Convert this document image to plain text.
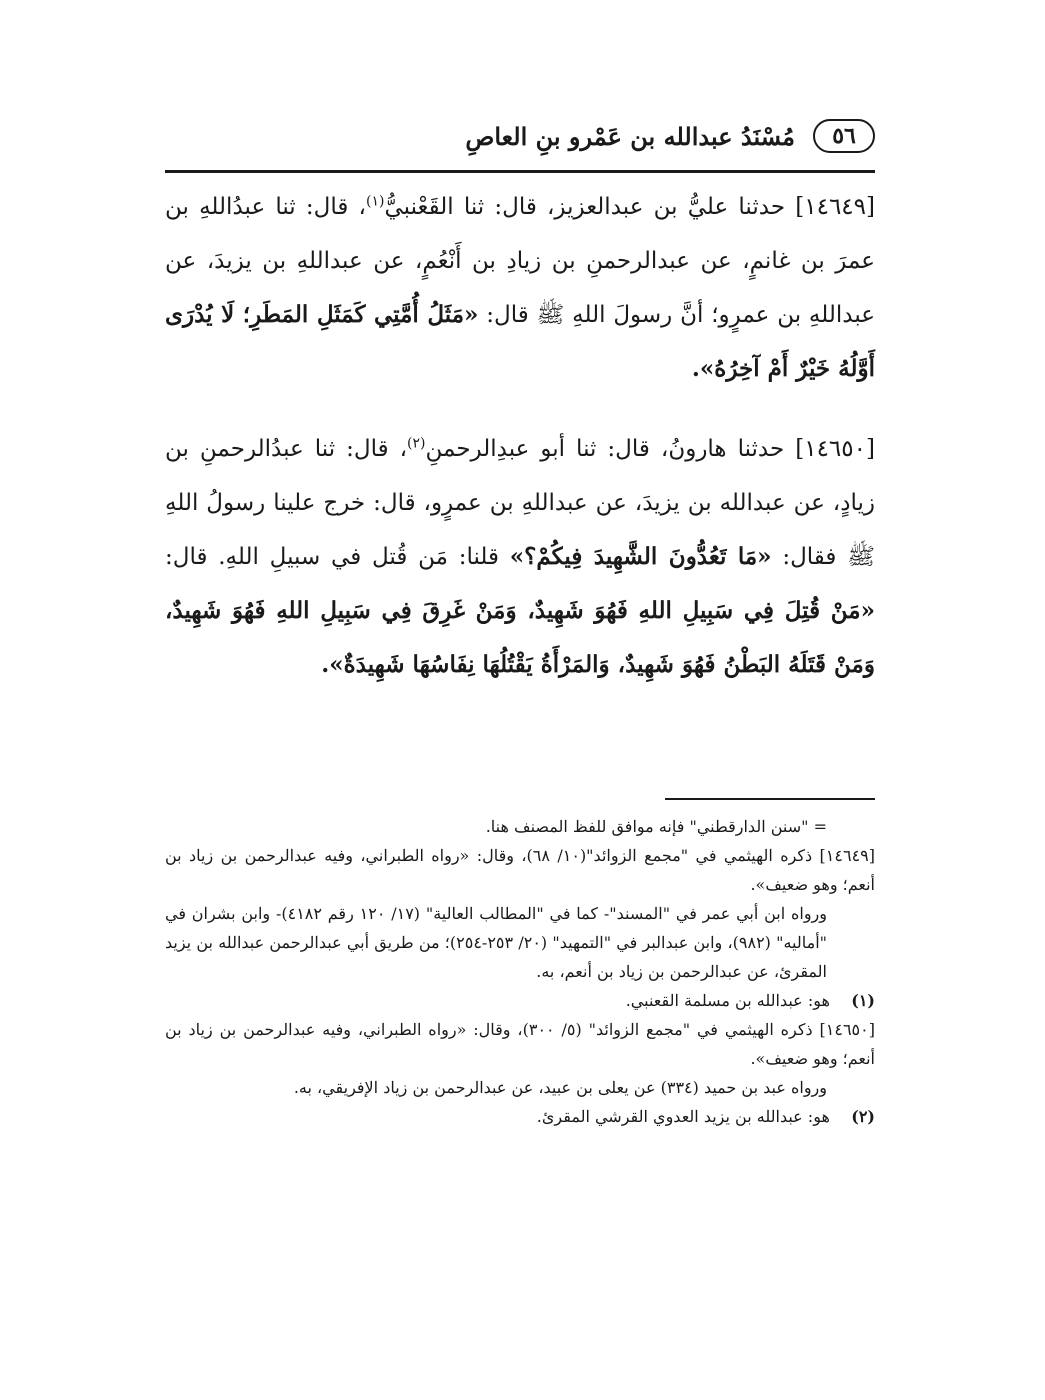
٥٦
مُسْنَدُ عبدالله بن عَمْرو بنِ العاصِ

[١٤٦٤٩] حدثنا عليُّ بن عبدالعزيز، قال: ثنا القَعْنبيُّ$^{(١)}$، قال: ثنا عبدُاللهِ بن عمرَ بن غانمٍ، عن عبدالرحمنِ بن زيادِ بن أَنْعُمٍ، عن عبداللهِ بن يزيدَ، عن عبداللهِ بن عمرٍو؛ أنَّ رسولَ اللهِ ﷺ قال: «مَثَلُ أُمَّتِي كَمَثَلِ المَطَرِ؛ لَا يُدْرَى أَوَّلُهُ خَيْرٌ أَمْ آخِرُهُ».

[١٤٦٥٠] حدثنا هارونُ، قال: ثنا أبو عبدِالرحمنِ$^{(٢)}$، قال: ثنا عبدُالرحمنِ بن زيادٍ، عن عبدالله بن يزيدَ، عن عبداللهِ بن عمرٍو، قال: خرج علينا رسولُ اللهِ ﷺ فقال: «مَا تَعُدُّونَ الشَّهِيدَ فِيكُمْ؟» قلنا: مَن قُتل في سبيلِ اللهِ. قال: «مَنْ قُتِلَ فِي سَبِيلِ اللهِ فَهُوَ شَهِيدٌ، وَمَنْ غَرِقَ فِي سَبِيلِ اللهِ فَهُوَ شَهِيدٌ، وَمَنْ قَتَلَهُ البَطْنُ فَهُوَ شَهِيدٌ، وَالمَرْأَةُ يَقْتُلُهَا نِفَاسُهَا شَهِيدَةٌ».

= "سنن الدارقطني" فإنه موافق للفظ المصنف هنا.

[١٤٦٤٩] ذكره الهيثمي في "مجمع الزوائد"(١٠/ ٦٨)، وقال: «رواه الطبراني، وفيه عبدالرحمن بن زياد بن أنعم؛ وهو ضعيف».

ورواه ابن أبي عمر في "المسند"- كما في "المطالب العالية" (١٧/ ١٢٠ رقم ٤١٨٢)- وابن بشران في "أماليه" (٩٨٢)، وابن عبدالبر في "التمهيد" (٢٠/ ٢٥٣-٢٥٤)؛ من طريق أبي عبدالرحمن عبدالله بن يزيد المقرئ، عن عبدالرحمن بن زياد بن أنعم، به.

(١) هو: عبدالله بن مسلمة القعنبي.

[١٤٦٥٠] ذكره الهيثمي في "مجمع الزوائد" (٥/ ٣٠٠)، وقال: «رواه الطبراني، وفيه عبدالرحمن بن زياد بن أنعم؛ وهو ضعيف».

ورواه عبد بن حميد (٣٣٤) عن يعلى بن عبيد، عن عبدالرحمن بن زياد الإفريقي، به.

(٢) هو: عبدالله بن يزيد العدوي القرشي المقرئ.
